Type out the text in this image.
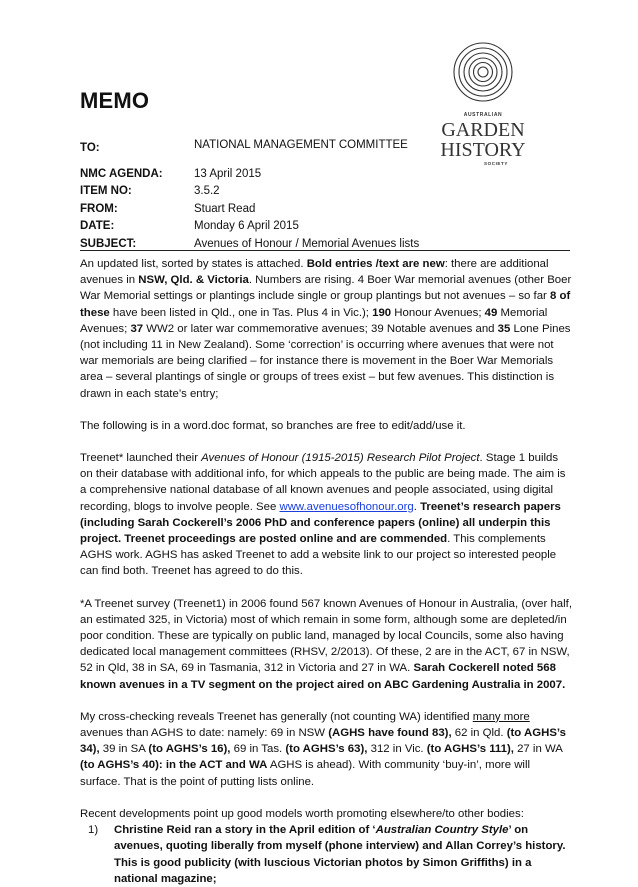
MEMO
AUSTRALIAN
GARDEN
HISTORY
SOCIETY
TO:	NATIONAL MANAGEMENT COMMITTEE
NMC AGENDA:	13 April 2015
ITEM NO:	3.5.2
FROM:	Stuart Read
DATE:	Monday 6 April 2015
SUBJECT:	Avenues of Honour / Memorial Avenues lists

An updated list, sorted by states is attached. Bold entries /text are new: there are additional avenues in NSW, Qld. & Victoria. Numbers are rising. 4 Boer War memorial avenues (other Boer War Memorial settings or plantings include single or group plantings but not avenues – so far 8 of these have been listed in Qld., one in Tas. Plus 4 in Vic.); 190 Honour Avenues; 49 Memorial Avenues; 37 WW2 or later war commemorative avenues; 39 Notable avenues and 35 Lone Pines (not including 11 in New Zealand). Some ‘correction’ is occurring where avenues that were not war memorials are being clarified – for instance there is movement in the Boer War Memorials area – several plantings of single or groups of trees exist – but few avenues. This distinction is drawn in each state’s entry;

The following is in a word.doc format, so branches are free to edit/add/use it.

Treenet* launched their Avenues of Honour (1915-2015) Research Pilot Project. Stage 1 builds on their database with additional info, for which appeals to the public are being made. The aim is a comprehensive national database of all known avenues and people associated, using digital recording, blogs to involve people. See www.avenuesofhonour.org. Treenet’s research papers (including Sarah Cockerell’s 2006 PhD and conference papers (online) all underpin this project. Treenet proceedings are posted online and are commended. This complements AGHS work. AGHS has asked Treenet to add a website link to our project so interested people can find both. Treenet has agreed to do this.

*A Treenet survey (Treenet1) in 2006 found 567 known Avenues of Honour in Australia, (over half, an estimated 325, in Victoria) most of which remain in some form, although some are depleted/in poor condition. These are typically on public land, managed by local Councils, some also having dedicated local management committees (RHSV, 2/2013). Of these, 2 are in the ACT, 67 in NSW, 52 in Qld, 38 in SA, 69 in Tasmania, 312 in Victoria and 27 in WA. Sarah Cockerell noted 568 known avenues in a TV segment on the project aired on ABC Gardening Australia in 2007.

My cross-checking reveals Treenet has generally (not counting WA) identified many more avenues than AGHS to date: namely: 69 in NSW (AGHS have found 83), 62 in Qld. (to AGHS’s 34), 39 in SA (to AGHS’s 16), 69 in Tas. (to AGHS’s 63), 312 in Vic. (to AGHS’s 111), 27 in WA (to AGHS’s 40): in the ACT and WA AGHS is ahead). With community ‘buy-in’, more will surface. That is the point of putting lists online.

Recent developments point up good models worth promoting elsewhere/to other bodies:

1)	Christine Reid ran a story in the April edition of ‘Australian Country Style’ on avenues, quoting liberally from myself (phone interview) and Allan Correy’s history. This is good publicity (with luscious Victorian photos by Simon Griffiths) in a national magazine;
